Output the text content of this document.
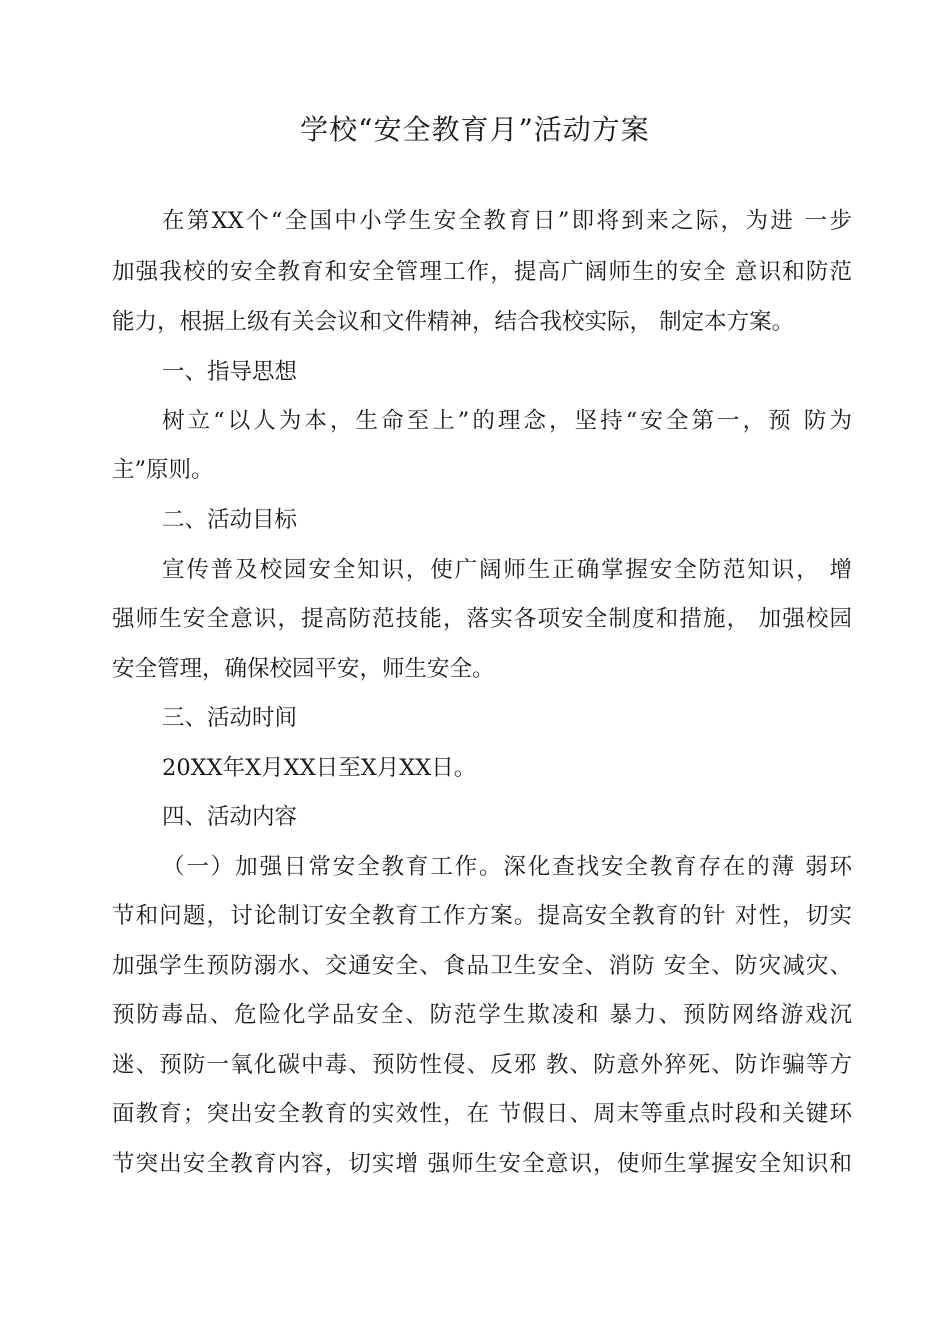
学校“安全教育月”活动方案
在第XX个“全国中小学生安全教育日”即将到来之际，为进 一步
加强我校的安全教育和安全管理工作，提高广阔师生的安全 意识和防范
能力，根据上级有关会议和文件精神，结合我校实际， 制定本方案。
一、指导思想
树立“以人为本，生命至上”的理念，坚持“安全第一，预 防为
主”原则。
二、活动目标
宣传普及校园安全知识，使广阔师生正确掌握安全防范知识， 增
强师生安全意识，提高防范技能，落实各项安全制度和措施， 加强校园
安全管理，确保校园平安，师生安全。
三、活动时间
20XX年X月XX日至X月XX日。
四、活动内容
（一）加强日常安全教育工作。深化查找安全教育存在的薄 弱环
节和问题，讨论制订安全教育工作方案。提高安全教育的针 对性，切实
加强学生预防溺水、交通安全、食品卫生安全、消防 安全、防灾减灾、
预防毒品、危险化学品安全、防范学生欺凌和 暴力、预防网络游戏沉
迷、预防一氧化碳中毒、预防性侵、反邪 教、防意外猝死、防诈骗等方
面教育；突出安全教育的实效性，在 节假日、周末等重点时段和关键环
节突出安全教育内容，切实增 强师生安全意识，使师生掌握安全知识和
